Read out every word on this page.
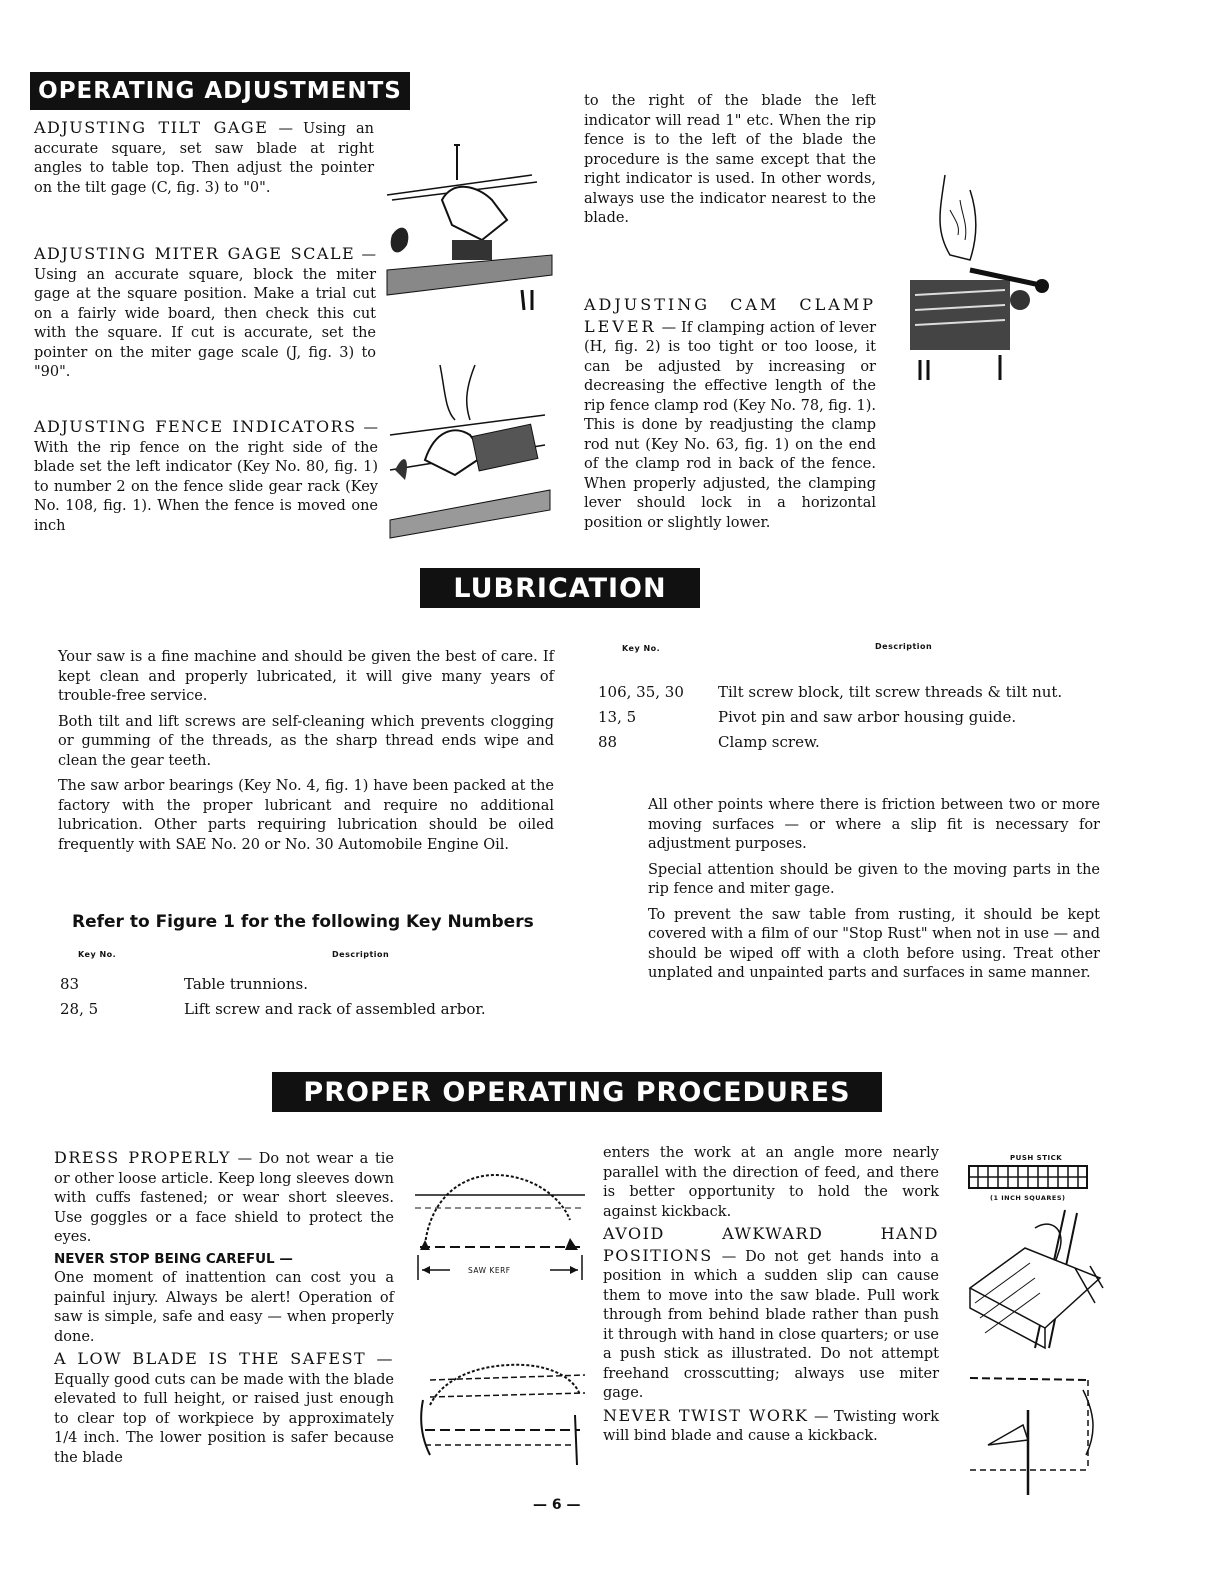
OPERATING ADJUSTMENTS

ADJUSTING TILT GAGE — Using an accurate square, set saw blade at right angles to table top. Then adjust the pointer on the tilt gage (C, fig. 3) to "0".

ADJUSTING MITER GAGE SCALE — Using an accurate square, block the miter gage at the square position. Make a trial cut on a fairly wide board, then check this cut with the square. If cut is accurate, set the pointer on the miter gage scale (J, fig. 3) to "90".

ADJUSTING FENCE INDICATORS — With the rip fence on the right side of the blade set the left indicator (Key No. 80, fig. 1) to number 2 on the fence slide gear rack (Key No. 108, fig. 1). When the fence is moved one inch

to the right of the blade the left indicator will read 1" etc. When the rip fence is to the left of the blade the procedure is the same except that the right indicator is used. In other words, always use the indicator nearest to the blade.

ADJUSTING CAM CLAMP LEVER — If clamping action of lever (H, fig. 2) is too tight or too loose, it can be adjusted by increasing or decreasing the effective length of the rip fence clamp rod (Key No. 78, fig. 1). This is done by readjusting the clamp rod nut (Key No. 63, fig. 1) on the end of the clamp rod in back of the fence. When properly adjusted, the clamping lever should lock in a horizontal position or slightly lower.

LUBRICATION

Your saw is a fine machine and should be given the best of care. If kept clean and properly lubricated, it will give many years of trouble-free service.

Both tilt and lift screws are self-cleaning which prevents clogging or gumming of the threads, as the sharp thread ends wipe and clean the gear teeth.

The saw arbor bearings (Key No. 4, fig. 1) have been packed at the factory with the proper lubricant and require no additional lubrication. Other parts requiring lubrication should be oiled frequently with SAE No. 20 or No. 30 Automobile Engine Oil.

Refer to Figure 1 for the following Key Numbers
Key No.	Description
83	Table trunnions.
28, 5	Lift screw and rack of assembled arbor.
Key No.	Description
106, 35, 30 Tilt screw block, tilt screw threads & tilt nut.
13, 5	Pivot pin and saw arbor housing guide.
88	Clamp screw.

All other points where there is friction between two or more moving surfaces — or where a slip fit is necessary for adjustment purposes.

Special attention should be given to the moving parts in the rip fence and miter gage.

To prevent the saw table from rusting, it should be kept covered with a film of our "Stop Rust" when not in use — and should be wiped off with a cloth before using. Treat other unplated and unpainted parts and surfaces in same manner.

PROPER OPERATING PROCEDURES

DRESS PROPERLY — Do not wear a tie or other loose article. Keep long sleeves down with cuffs fastened; or wear short sleeves. Use goggles or a face shield to protect the eyes.

NEVER STOP BEING CAREFUL —

One moment of inattention can cost you a painful injury. Always be alert! Operation of saw is simple, safe and easy — when properly done.

A LOW BLADE IS THE SAFEST — Equally good cuts can be made with the blade elevated to full height, or raised just enough to clear top of workpiece by approximately 1/4 inch. The lower position is safer because the blade

SAW KERF

enters the work at an angle more nearly parallel with the direction of feed, and there is better opportunity to hold the work against kickback.

AVOID AWKWARD HAND POSITIONS — Do not get hands into a position in which a sudden slip can cause them to move into the saw blade. Pull work through from behind blade rather than push it through with hand in close quarters; or use a push stick as illustrated. Do not attempt freehand crosscutting; always use miter gage.

NEVER TWIST WORK — Twisting work will bind blade and cause a kickback.

PUSH STICK
(1 INCH SQUARES)
— 6 —
